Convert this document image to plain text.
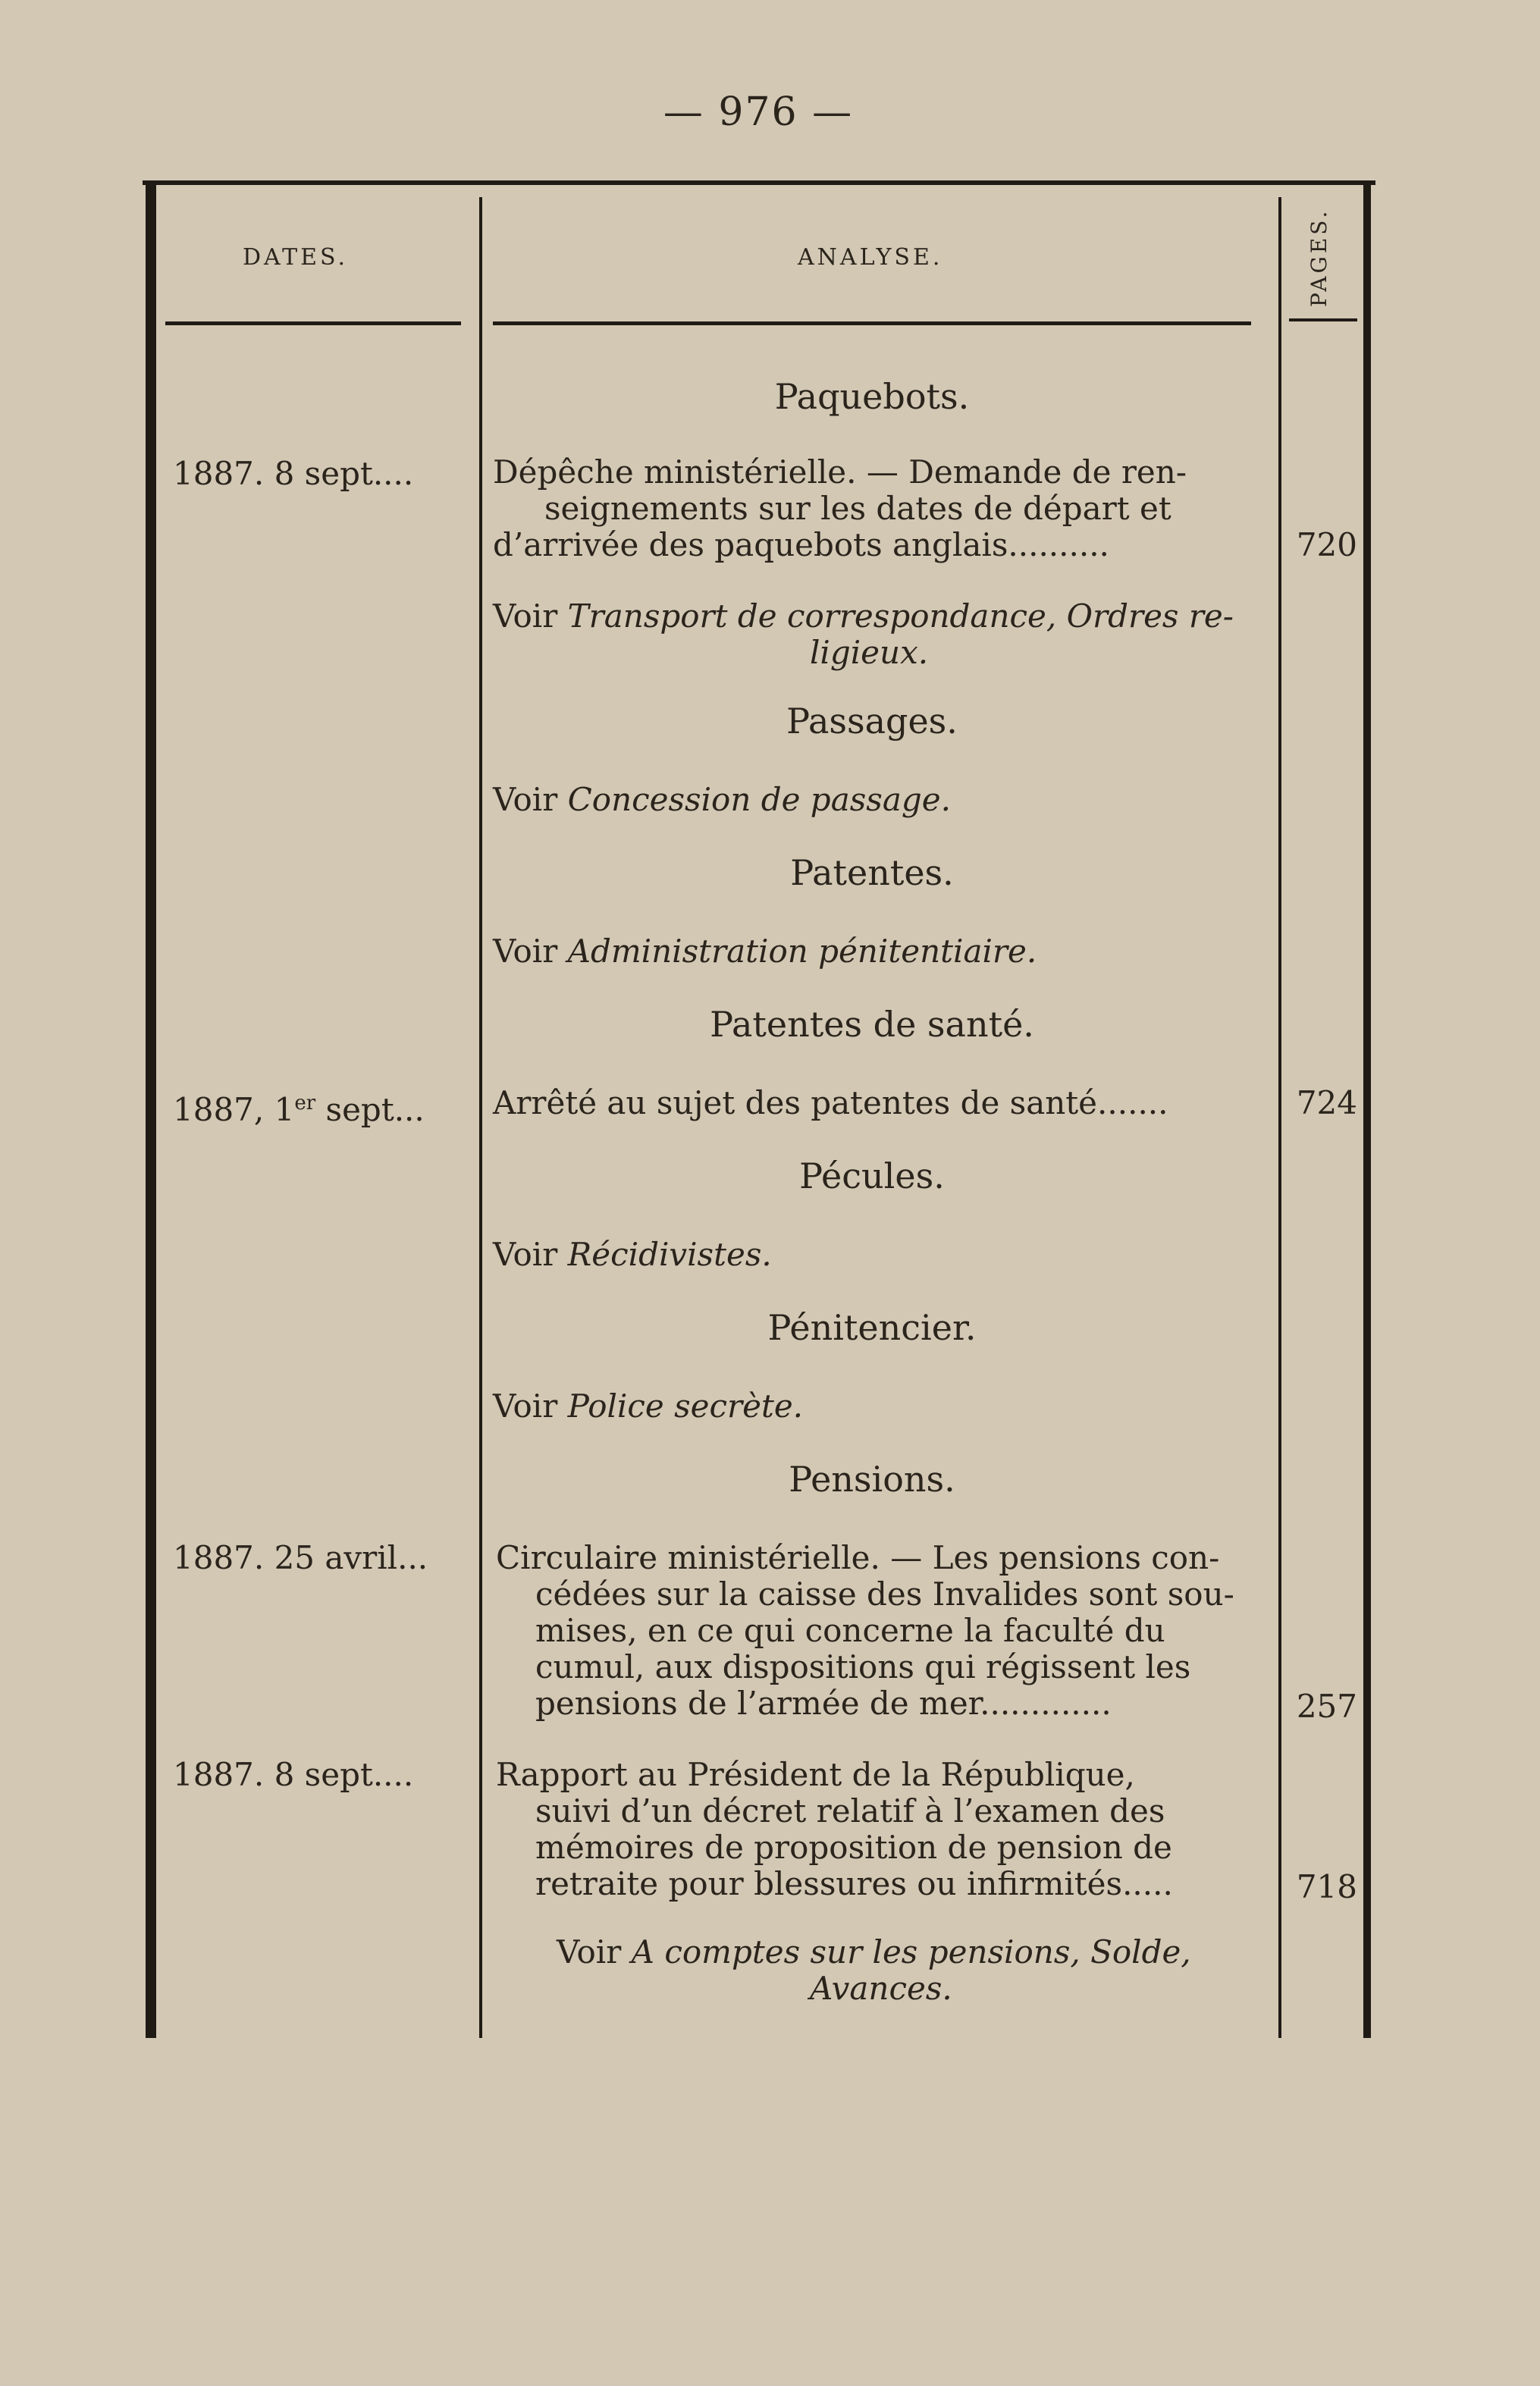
— 976 —
DATES.	ANALYSE.	PAGES.
Paquebots.
1887. 8 sept.... Dépêche ministérielle. — Demande de ren-
seignements sur les dates de départ et
d’arrivée des paquebots anglais..........	720
Voir Transport de correspondance, Ordres re-
ligieux.
Passages.
Voir Concession de passage.
Patentes.
Voir Administration pénitentiaire.
Patentes de santé.
1887, 1er sept... Arrêté au sujet des patentes de santé.......	724
Pécules.
Voir Récidivistes.
Pénitencier.
Voir Police secrète.
Pensions.
1887. 25 avril... Circulaire ministérielle. — Les pensions con-
cédées sur la caisse des Invalides sont sou-
mises, en ce qui concerne la faculté du
cumul, aux dispositions qui régissent les
pensions de l’armée de mer.............	257
1887. 8 sept....	Rapport au Président de la République,
suivi d’un décret relatif à l’examen des
mémoires de proposition de pension de
retraite pour blessures ou infirmités.....	718
Voir A comptes sur les pensions, Solde,
Avances.
